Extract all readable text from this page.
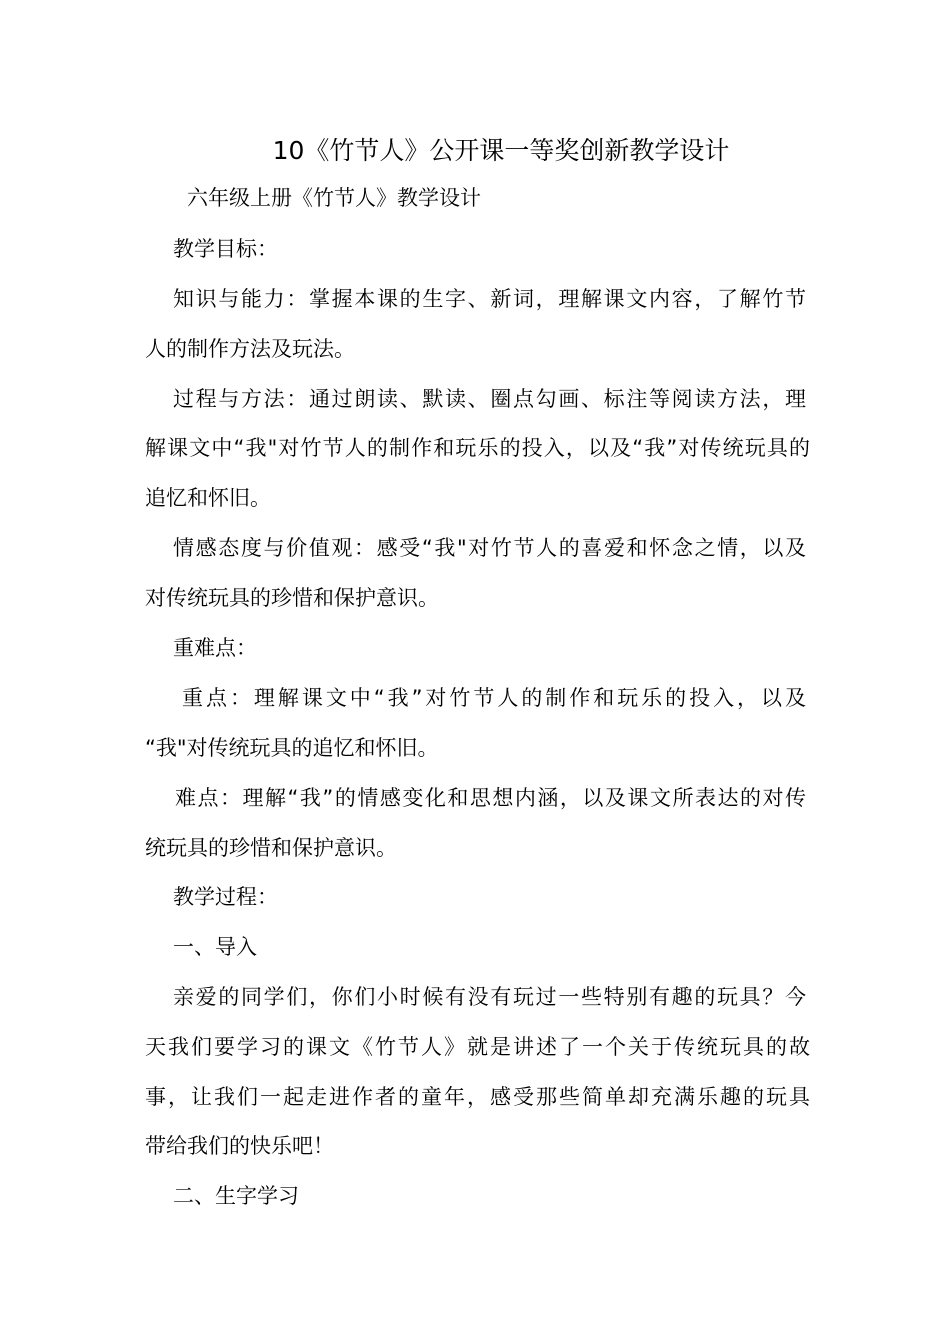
10《竹节人》公开课一等奖创新教学设计
六年级上册《竹节人》教学设计
教学目标：
知识与能力：掌握本课的生字、新词，理解课文内容，了解竹节
人的制作方法及玩法。
过程与方法：通过朗读、默读、圈点勾画、标注等阅读方法，理
解课文中“我"对竹节人的制作和玩乐的投入，以及“我”对传统玩具的
追忆和怀旧。
情感态度与价值观：感受“我"对竹节人的喜爱和怀念之情，以及
对传统玩具的珍惜和保护意识。
重难点：
重点：理解课文中“我”对竹节人的制作和玩乐的投入，以及
“我"对传统玩具的追忆和怀旧。
难点：理解“我”的情感变化和思想内涵，以及课文所表达的对传
统玩具的珍惜和保护意识。
教学过程：
一、导入
亲爱的同学们，你们小时候有没有玩过一些特别有趣的玩具？今
天我们要学习的课文《竹节人》就是讲述了一个关于传统玩具的故
事，让我们一起走进作者的童年，感受那些简单却充满乐趣的玩具
带给我们的快乐吧！
二、生字学习
